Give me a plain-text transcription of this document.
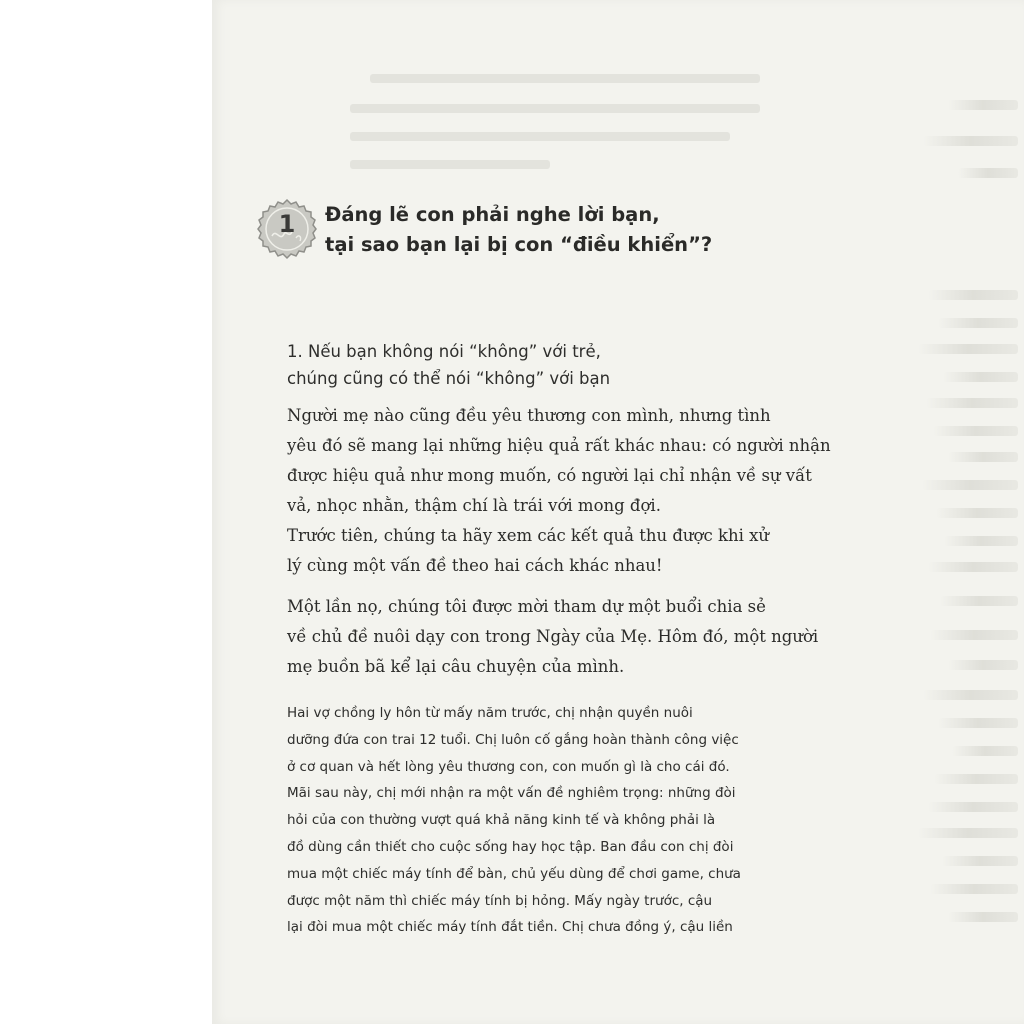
1	Đáng lẽ con phải nghe lời bạn,
tại sao bạn lại bị con “điều khiển”?
1. Nếu bạn không nói “không” với trẻ,
chúng cũng có thể nói “không” với bạn
Người mẹ nào cũng đều yêu thương con mình, nhưng tình
yêu đó sẽ mang lại những hiệu quả rất khác nhau: có người nhận
được hiệu quả như mong muốn, có người lại chỉ nhận về sự vất
vả, nhọc nhằn, thậm chí là trái với mong đợi.
Trước tiên, chúng ta hãy xem các kết quả thu được khi xử
lý cùng một vấn đề theo hai cách khác nhau!
Một lần nọ, chúng tôi được mời tham dự một buổi chia sẻ
về chủ đề nuôi dạy con trong Ngày của Mẹ. Hôm đó, một người
mẹ buồn bã kể lại câu chuyện của mình.
Hai vợ chồng ly hôn từ mấy năm trước, chị nhận quyền nuôi
dưỡng đứa con trai 12 tuổi. Chị luôn cố gắng hoàn thành công việc
ở cơ quan và hết lòng yêu thương con, con muốn gì là cho cái đó.
Mãi sau này, chị mới nhận ra một vấn đề nghiêm trọng: những đòi
hỏi của con thường vượt quá khả năng kinh tế và không phải là
đồ dùng cần thiết cho cuộc sống hay học tập. Ban đầu con chị đòi
mua một chiếc máy tính để bàn, chủ yếu dùng để chơi game, chưa
được một năm thì chiếc máy tính bị hỏng. Mấy ngày trước, cậu
lại đòi mua một chiếc máy tính đắt tiền. Chị chưa đồng ý, cậu liền
